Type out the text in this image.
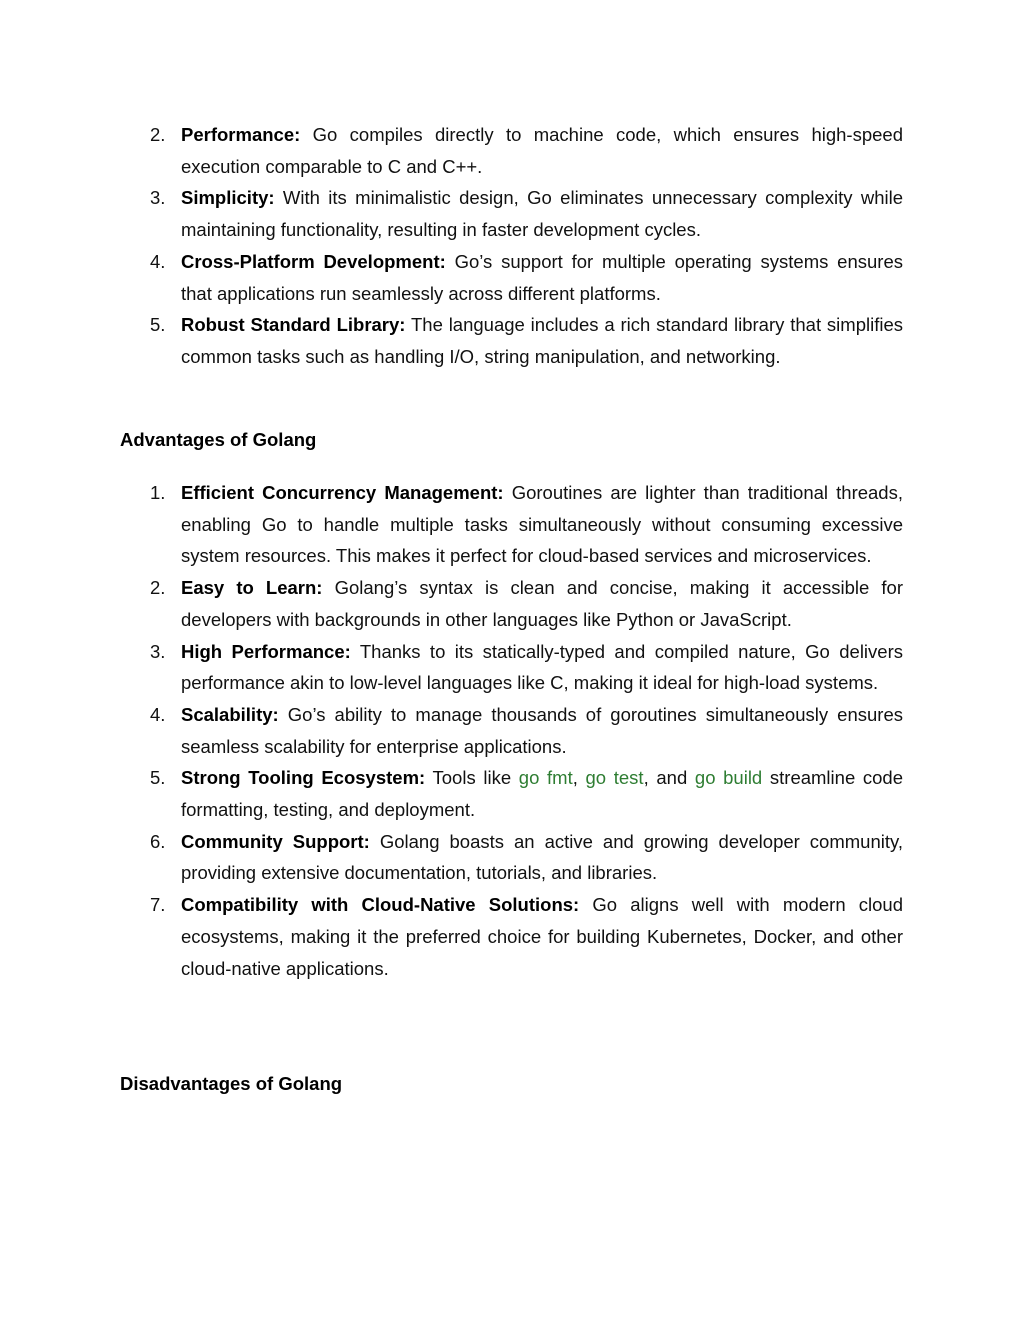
2. Performance: Go compiles directly to machine code, which ensures high-speed execution comparable to C and C++.
3. Simplicity: With its minimalistic design, Go eliminates unnecessary complexity while maintaining functionality, resulting in faster development cycles.
4. Cross-Platform Development: Go’s support for multiple operating systems ensures that applications run seamlessly across different platforms.
5. Robust Standard Library: The language includes a rich standard library that simplifies common tasks such as handling I/O, string manipulation, and networking.
Advantages of Golang
1. Efficient Concurrency Management: Goroutines are lighter than traditional threads, enabling Go to handle multiple tasks simultaneously without consuming excessive system resources. This makes it perfect for cloud-based services and microservices.
2. Easy to Learn: Golang’s syntax is clean and concise, making it accessible for developers with backgrounds in other languages like Python or JavaScript.
3. High Performance: Thanks to its statically-typed and compiled nature, Go delivers performance akin to low-level languages like C, making it ideal for high-load systems.
4. Scalability: Go’s ability to manage thousands of goroutines simultaneously ensures seamless scalability for enterprise applications.
5. Strong Tooling Ecosystem: Tools like go fmt, go test, and go build streamline code formatting, testing, and deployment.
6. Community Support: Golang boasts an active and growing developer community, providing extensive documentation, tutorials, and libraries.
7. Compatibility with Cloud-Native Solutions: Go aligns well with modern cloud ecosystems, making it the preferred choice for building Kubernetes, Docker, and other cloud-native applications.
Disadvantages of Golang
